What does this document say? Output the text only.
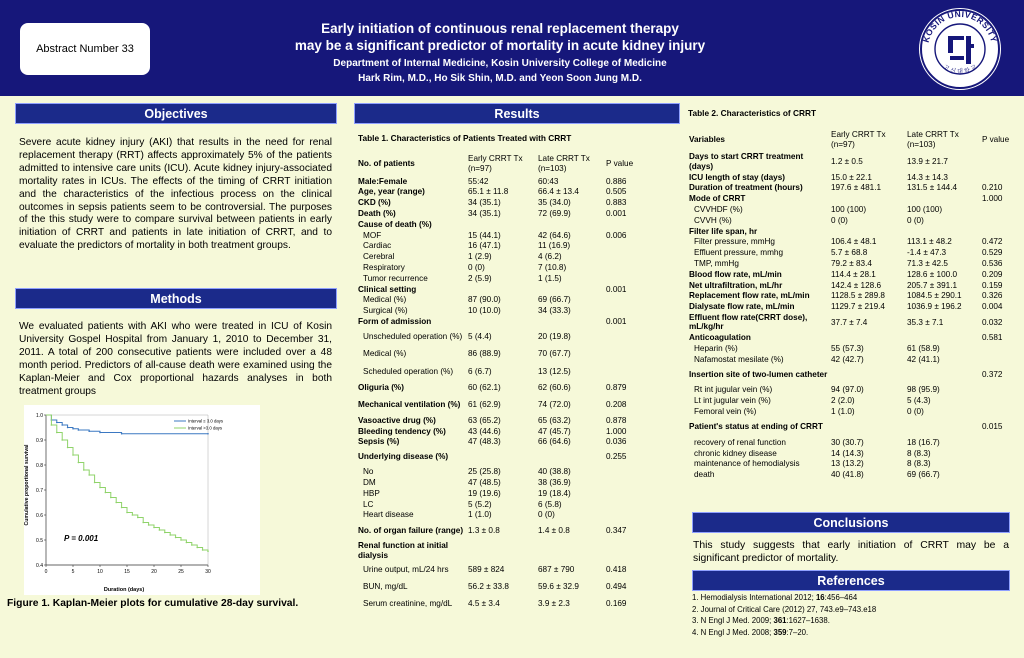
Abstract Number 33
Early initiation of continuous renal replacement therapy
may be a significant predictor of mortality in acute kidney injury
Department of Internal Medicine, Kosin University College of Medicine
Hark Rim, M.D., Ho Sik Shin, M.D. and Yeon Soon Jung M.D.
KOSIN UNIVERSITY
고 신 대 학 교
Objectives
Severe acute kidney injury (AKI) that results in the need for renal replacement therapy (RRT) affects approximately 5% of the patients admitted to intensive care units (ICU). Acute kidney injury-associated mortality rates in ICUs. The effects of the timing of CRRT initiation and the characteristics of the infectious process on the clinical outcomes in sepsis patients seem to be controversial. The purposes of the this study were to compare survival between patients in early initiation of CRRT and patients in late initiation of CRRT, and to evaluate the predictors of mortality in both treatment groups.
Methods
We evaluated patients with AKI who were treated in ICU of Kosin University Gospel Hospital from January 1, 2010 to December 31, 2011. A total of 200 consecutive patients were included over a 48 month period. Predictors of all-cause death were examined using the Kaplan-Meier and Cox proportional hazards analyses in both treatment groups
0	5	10	15	20	25	30
0.4
0.5
0.6
0.7
0.8
0.9
1.0
Interval ≤ 3.0 days
Interval >3.0 days
Cumulative proportional survival
Duration (days)
P = 0.001
Figure 1. Kaplan-Meier plots for cumulative 28-day survival.
Results
Table 1. Characteristics of Patients Treated with CRRT
No. of patients	Early CRRT Tx (n=97)	Late CRRT Tx (n=103)	P value
Male:Female	55:42	60:43	0.886
Age, year (range)	65.1 ± 11.8	66.4 ± 13.4	0.505
CKD (%)	34 (35.1)	35 (34.0)	0.883
Death (%)	34 (35.1)	72 (69.9)	0.001
Cause of death (%)			
MOF	15 (44.1)	42 (64.6)	0.006
Cardiac	16 (47.1)	11 (16.9)	
Cerebral	1 (2.9)	4 (6.2)	
Respiratory	0 (0)	7 (10.8)	
Tumor recurrence	2 (5.9)	1 (1.5)	
Clinical setting			0.001
Medical (%)	87 (90.0)	69 (66.7)	
Surgical (%)	10 (10.0)	34 (33.3)	
Form of admission			0.001
Unscheduled operation (%)	5 (4.4)	20 (19.8)	
Medical (%)	86 (88.9)	70 (67.7)	
Scheduled operation (%)	6 (6.7)	13 (12.5)	
Oliguria (%)	60 (62.1)	62 (60.6)	0.879
Mechanical ventilation (%)	61 (62.9)	74 (72.0)	0.208
Vasoactive drug (%)	63 (65.2)	65 (63.2)	0.878
Bleeding tendency (%)	43 (44.6)	47 (45.7)	1.000
Sepsis (%)	47 (48.3)	66 (64.6)	0.036
Underlying disease (%)			0.255
No	25 (25.8)	40 (38.8)	
DM	47 (48.5)	38 (36.9)	
HBP	19 (19.6)	19 (18.4)	
LC	5 (5.2)	6 (5.8)	
Heart disease	1 (1.0)	0 (0)	
No. of organ failure (range)	1.3 ± 0.8	1.4 ± 0.8	0.347
Renal function at initial dialysis			
Urine output, mL/24 hrs	589 ± 824	687 ± 790	0.418
BUN, mg/dL	56.2 ± 33.8	59.6 ± 32.9	0.494
Serum creatinine, mg/dL	4.5 ± 3.4	3.9 ± 2.3	0.169
Table 2. Characteristics of CRRT
Variables	Early CRRT Tx (n=97)	Late CRRT Tx (n=103)	P value
Days to start CRRT treatment (days)	1.2 ± 0.5	13.9 ± 21.7	
ICU length of stay (days)	15.0 ± 22.1	14.3 ± 14.3	
Duration of treatment (hours)	197.6 ± 481.1	131.5 ± 144.4	0.210
Mode of CRRT			1.000
CVVHDF (%)	100 (100)	100 (100)	
CVVH (%)	0 (0)	0 (0)	
Filter life span, hr			
Filter pressure, mmHg	106.4 ± 48.1	113.1 ± 48.2	0.472
Effluent pressure, mmhg	5.7 ± 68.8	-1.4 ± 47.3	0.529
TMP, mmHg	79.2 ± 83.4	71.3 ± 42.5	0.536
Blood flow rate, mL/min	114.4 ± 28.1	128.6 ± 100.0	0.209
Net ultrafiltration, mL/hr	142.4 ± 128.6	205.7 ± 391.1	0.159
Replacement flow rate, mL/min	1128.5 ± 289.8	1084.5 ± 290.1	0.326
Dialysate flow rate, mL/min	1129.7 ± 219.4	1036.9 ± 196.2	0.004
Effluent flow rate(CRRT dose), mL/kg/hr	37.7 ± 7.4	35.3 ± 7.1	0.032
Anticoagulation			0.581
Heparin (%)	55 (57.3)	61 (58.9)	
Nafamostat mesilate (%)	42 (42.7)	42 (41.1)	
Insertion site of two-lumen catheter			0.372
Rt int jugular vein (%)	94 (97.0)	98 (95.9)	
Lt int jugular vein (%)	2 (2.0)	5 (4.3)	
Femoral vein (%)	1 (1.0)	0 (0)	
Patient's status at ending of CRRT			0.015
recovery of renal function	30 (30.7)	18 (16.7)	
chronic kidney disease	14 (14.3)	8 (8.3)	
maintenance of hemodialysis	13 (13.2)	8 (8.3)	
death	40 (41.8)	69 (66.7)	
Conclusions
This study suggests that early initiation of CRRT may be a significant predictor of mortality.
References
1. Hemodialysis International 2012; 16:456–464
2. Journal of Critical Care (2012) 27, 743.e9–743.e18
3. N Engl J Med. 2009; 361:1627–1638.
4. N Engl J Med. 2008; 359:7–20.
